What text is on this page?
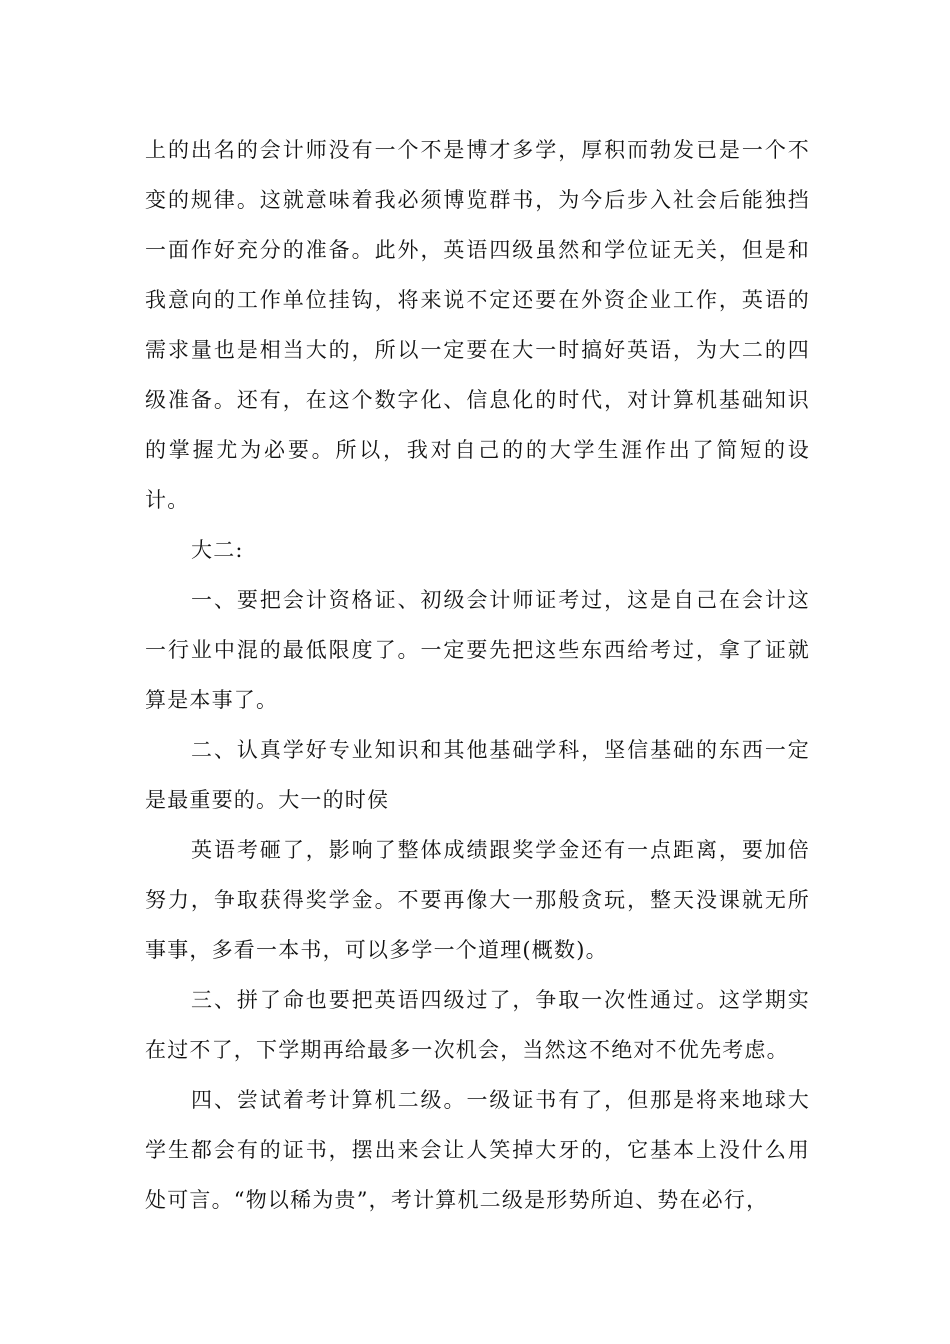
上的出名的会计师没有一个不是博才多学，厚积而勃发已是一个不变的规律。这就意味着我必须博览群书，为今后步入社会后能独挡一面作好充分的准备。此外，英语四级虽然和学位证无关，但是和我意向的工作单位挂钩，将来说不定还要在外资企业工作，英语的需求量也是相当大的，所以一定要在大一时搞好英语，为大二的四级准备。还有，在这个数字化、信息化的时代，对计算机基础知识的掌握尤为必要。所以，我对自己的的大学生涯作出了简短的设计。

大二:

一、要把会计资格证、初级会计师证考过，这是自己在会计这一行业中混的最低限度了。一定要先把这些东西给考过，拿了证就算是本事了。

二、认真学好专业知识和其他基础学科，坚信基础的东西一定是最重要的。大一的时侯

英语考砸了，影响了整体成绩跟奖学金还有一点距离，要加倍努力，争取获得奖学金。不要再像大一那般贪玩，整天没课就无所事事，多看一本书，可以多学一个道理(概数)。

三、拼了命也要把英语四级过了，争取一次性通过。这学期实在过不了，下学期再给最多一次机会，当然这不绝对不优先考虑。

四、尝试着考计算机二级。一级证书有了，但那是将来地球大学生都会有的证书，摆出来会让人笑掉大牙的，它基本上没什么用处可言。“物以稀为贵”，考计算机二级是形势所迫、势在必行，
